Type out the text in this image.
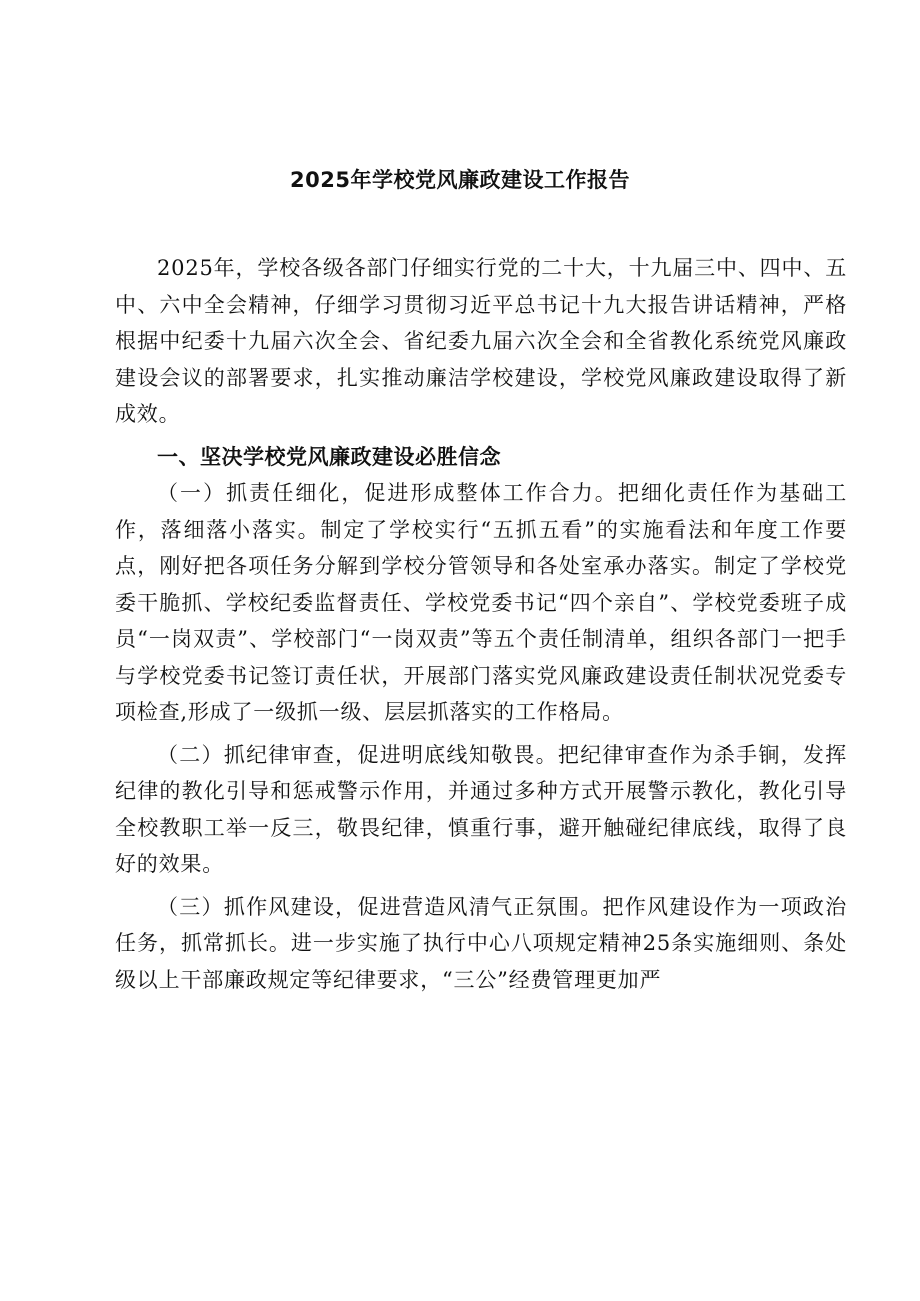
2025年学校党风廉政建设工作报告

2025年，学校各级各部门仔细实行党的二十大，十九届三中、四中、五中、六中全会精神，仔细学习贯彻习近平总书记十九大报告讲话精神，严格根据中纪委十九届六次全会、省纪委九届六次全会和全省教化系统党风廉政建设会议的部署要求，扎实推动廉洁学校建设，学校党风廉政建设取得了新成效。

一、坚决学校党风廉政建设必胜信念

（一）抓责任细化，促进形成整体工作合力。把细化责任作为基础工作，落细落小落实。制定了学校实行“五抓五看”的实施看法和年度工作要点，刚好把各项任务分解到学校分管领导和各处室承办落实。制定了学校党委干脆抓、学校纪委监督责任、学校党委书记“四个亲自”、学校党委班子成员“一岗双责”、学校部门“一岗双责”等五个责任制清单，组织各部门一把手与学校党委书记签订责任状，开展部门落实党风廉政建设责任制状况党委专项检查,形成了一级抓一级、层层抓落实的工作格局。

（二）抓纪律审查，促进明底线知敬畏。把纪律审查作为杀手锏，发挥纪律的教化引导和惩戒警示作用，并通过多种方式开展警示教化，教化引导全校教职工举一反三，敬畏纪律，慎重行事，避开触碰纪律底线，取得了良好的效果。

（三）抓作风建设，促进营造风清气正氛围。把作风建设作为一项政治任务，抓常抓长。进一步实施了执行中心八项规定精神25条实施细则、条处级以上干部廉政规定等纪律要求，“三公”经费管理更加严
